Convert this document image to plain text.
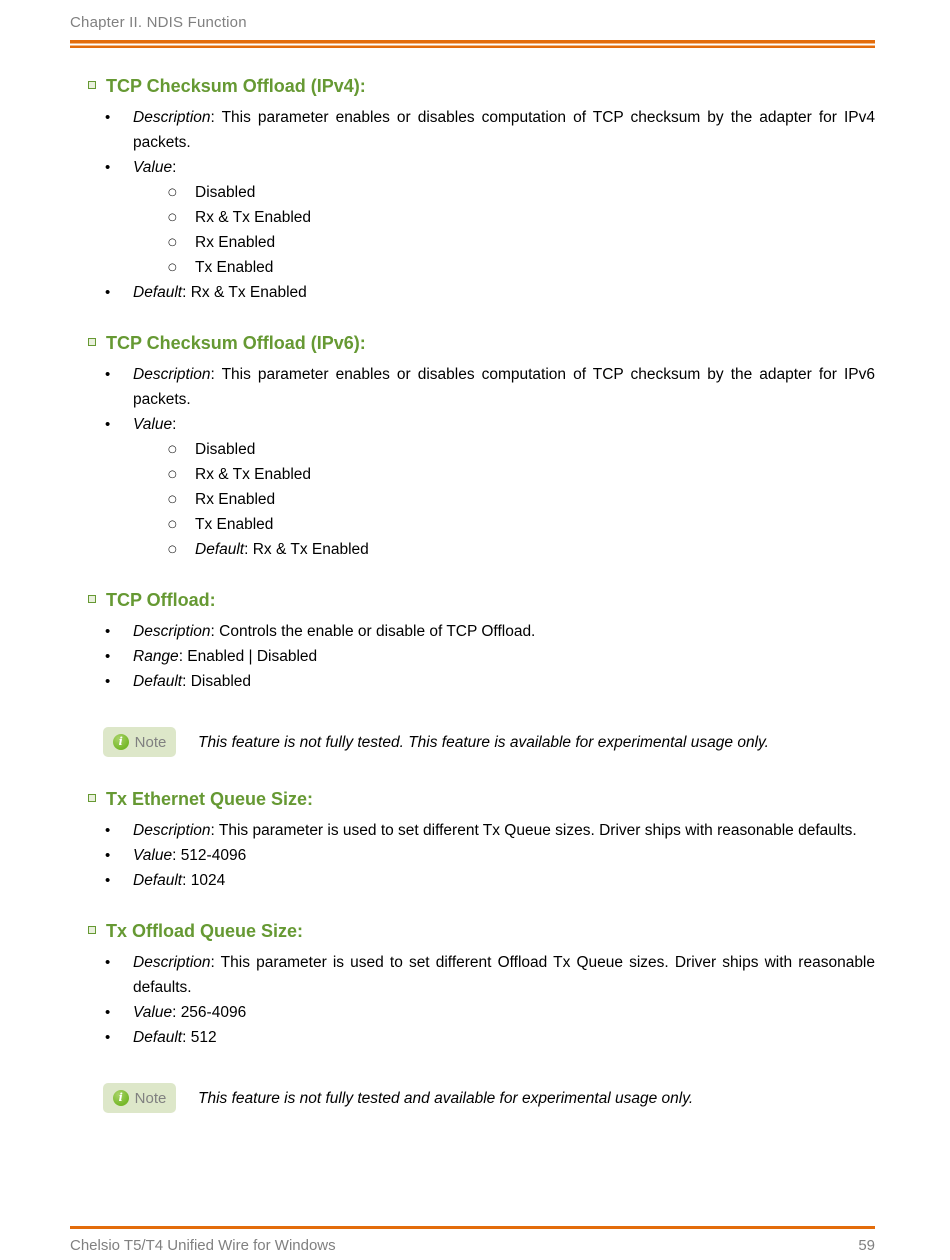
Chapter II. NDIS Function
TCP Checksum Offload (IPv4):
•	Description: This parameter enables or disables computation of TCP checksum by the adapter for IPv4 packets.
•	Value:
○	Disabled
○	Rx & Tx Enabled
○	Rx Enabled
○	Tx Enabled
•	Default: Rx & Tx Enabled
TCP Checksum Offload (IPv6):
•	Description: This parameter enables or disables computation of TCP checksum by the adapter for IPv6 packets.
•	Value:
○	Disabled
○	Rx & Tx Enabled
○	Rx Enabled
○	Tx Enabled
○	Default: Rx & Tx Enabled
TCP Offload:
•	Description: Controls the enable or disable of TCP Offload.
•	Range: Enabled | Disabled
•	Default: Disabled
i Note This feature is not fully tested. This feature is available for experimental usage only.
Tx Ethernet Queue Size:
•	Description: This parameter is used to set different Tx Queue sizes. Driver ships with reasonable defaults.
•	Value: 512-4096
•	Default: 1024
Tx Offload Queue Size:
•	Description: This parameter is used to set different Offload Tx Queue sizes. Driver ships with reasonable defaults.
•	Value: 256-4096
•	Default: 512
i Note This feature is not fully tested and available for experimental usage only.
Chelsio T5/T4 Unified Wire for Windows	59
